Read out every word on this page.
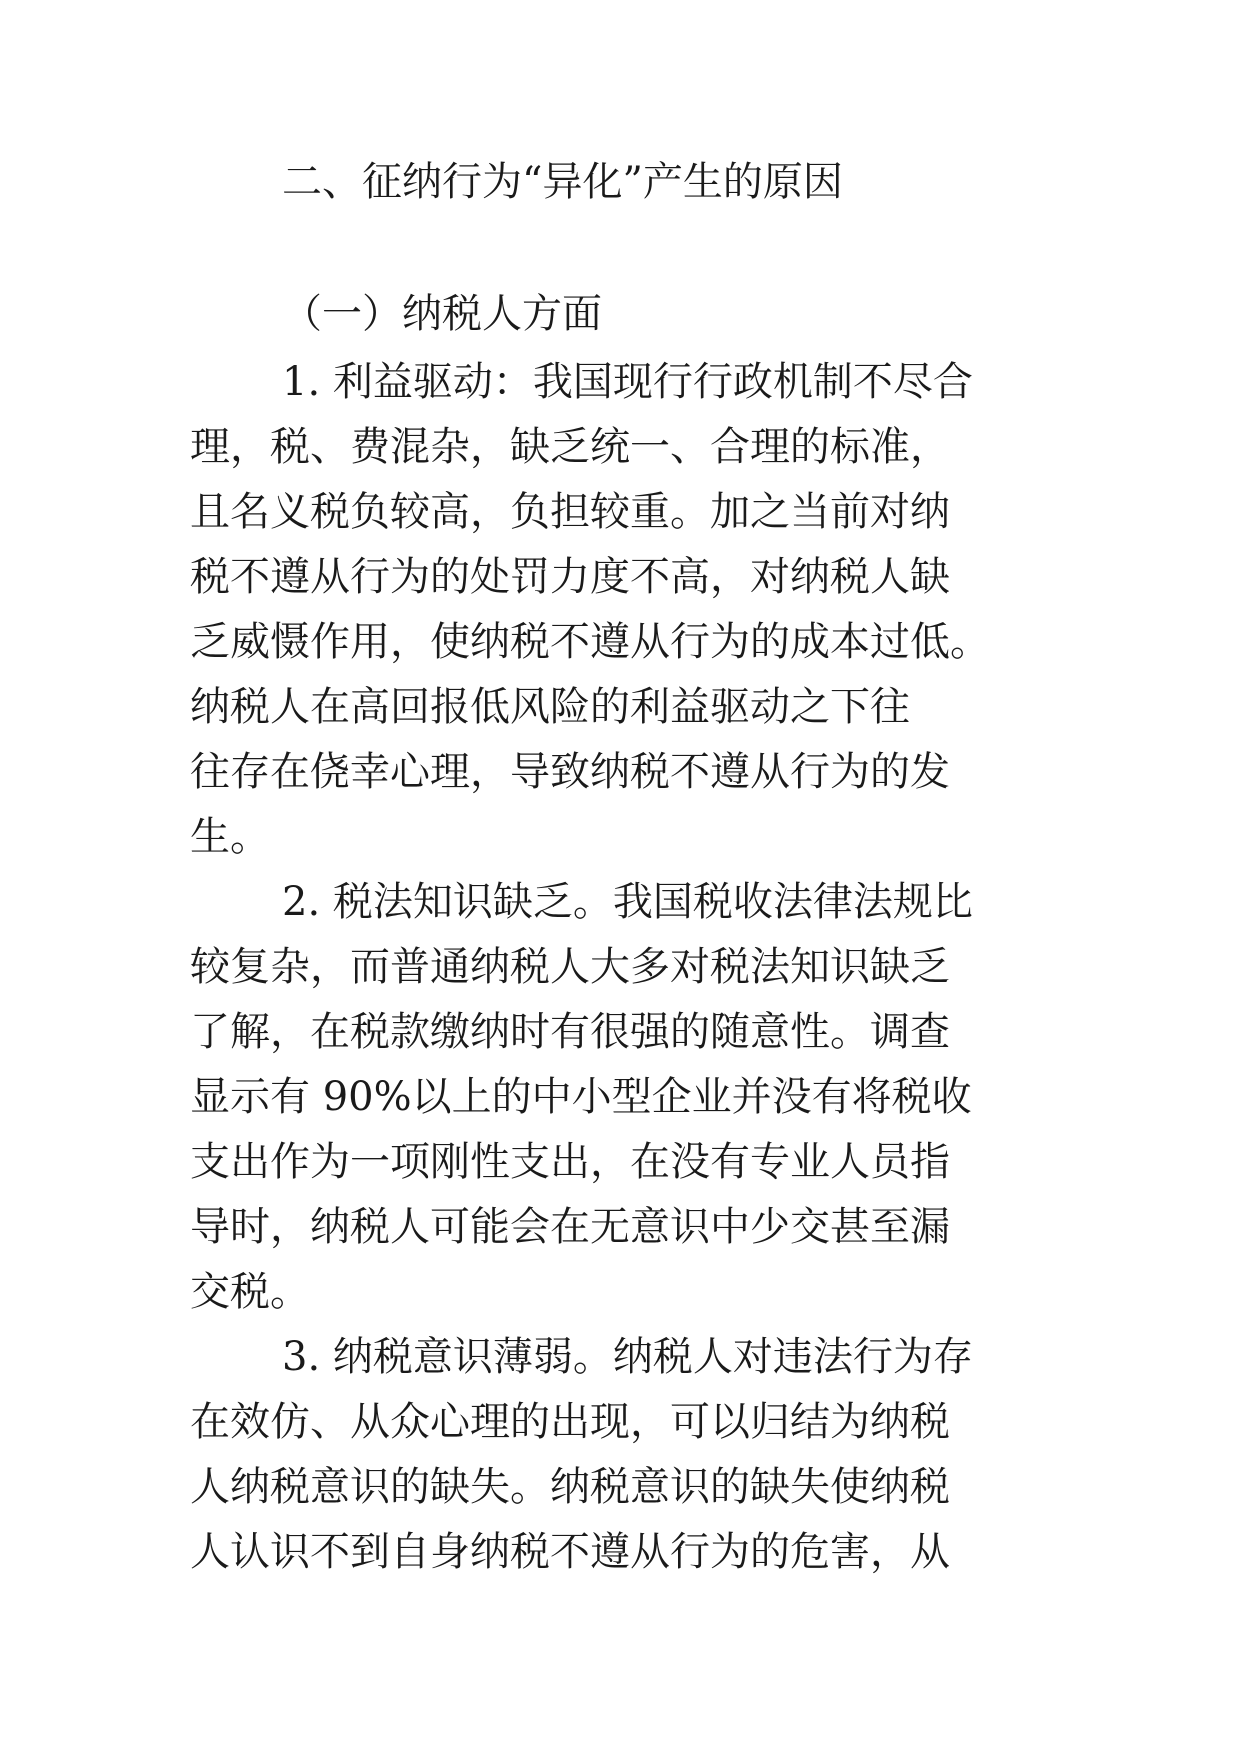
二、征纳行为“异化”产生的原因
（一）纳税人方面
1. 利益驱动：我国现行行政机制不尽合
理，税、费混杂，缺乏统一、合理的标准，
且名义税负较高，负担较重。加之当前对纳
税不遵从行为的处罚力度不高，对纳税人缺
乏威慑作用，使纳税不遵从行为的成本过低。
纳税人在高回报低风险的利益驱动之下往
往存在侥幸心理，导致纳税不遵从行为的发
生。
2. 税法知识缺乏。我国税收法律法规比
较复杂，而普通纳税人大多对税法知识缺乏
了解，在税款缴纳时有很强的随意性。调查
显示有 90%以上的中小型企业并没有将税收
支出作为一项刚性支出，在没有专业人员指
导时，纳税人可能会在无意识中少交甚至漏
交税。
3. 纳税意识薄弱。纳税人对违法行为存
在效仿、从众心理的出现，可以归结为纳税
人纳税意识的缺失。纳税意识的缺失使纳税
人认识不到自身纳税不遵从行为的危害，从
